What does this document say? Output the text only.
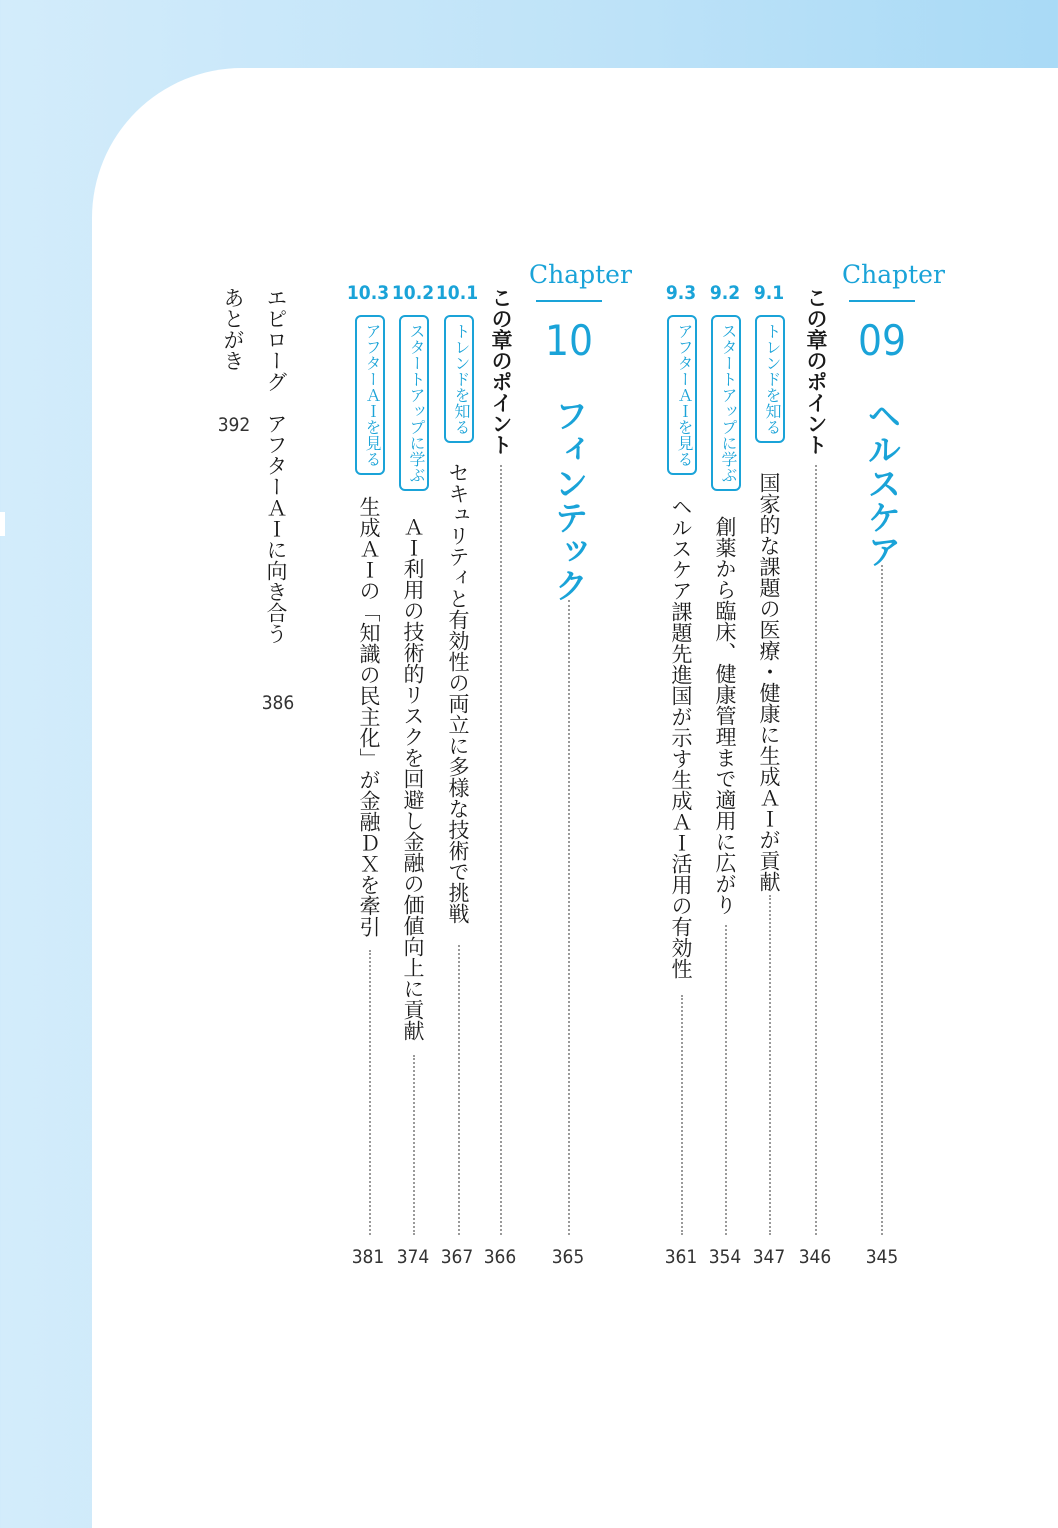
Chapter
09
ヘルスケア
345
この章のポイント
346
9.1
トレンドを知る
国家的な課題の医療・健康に生成ＡＩが貢献
347
9.2
スタートアップに学ぶ
創薬から臨床、健康管理まで適用に広がり
354
9.3
アフターＡＩを見る
ヘルスケア課題先進国が示す生成ＡＩ活用の有効性
361
Chapter
10
フィンテック
365
この章のポイント
366
10.1
トレンドを知る
セキュリティと有効性の両立に多様な技術で挑戦
367
10.2
スタートアップに学ぶ
ＡＩ利用の技術的リスクを回避し金融の価値向上に貢献
374
10.3
アフターＡＩを見る
生成ＡＩの「知識の民主化」が金融ＤＸを牽引
381
エピローグ　アフターＡＩに向き合う
386
あとがき
392
